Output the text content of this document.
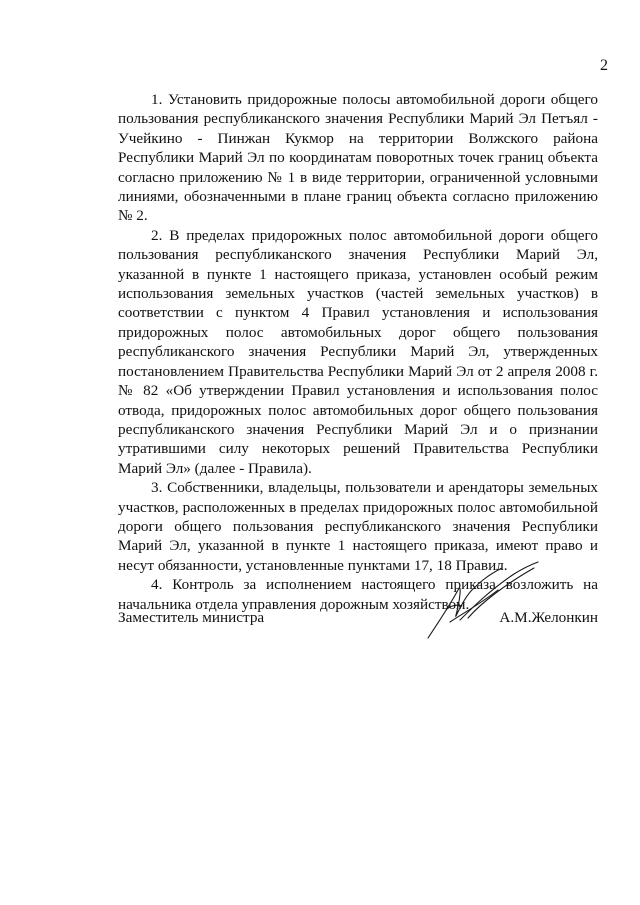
2

1. Установить придорожные полосы автомобильной дороги общего пользования республиканского значения Республики Марий Эл Петъял - Учейкино - Пинжан Кукмор на территории Волжского района Республики Марий Эл по координатам поворотных точек границ объекта согласно приложению № 1 в виде территории, ограниченной условными линиями, обозначенными в плане границ объекта согласно приложению № 2.

2. В пределах придорожных полос автомобильной дороги общего пользования республиканского значения Республики Марий Эл, указанной в пункте 1 настоящего приказа, установлен особый режим использования земельных участков (частей земельных участков) в соответствии с пунктом 4 Правил установления и использования придорожных полос автомобильных дорог общего пользования республиканского значения Республики Марий Эл, утвержденных постановлением Правительства Республики Марий Эл от 2 апреля 2008 г. № 82 «Об утверждении Правил установления и использования полос отвода, придорожных полос автомобильных дорог общего пользования республиканского значения Республики Марий Эл и о признании утратившими силу некоторых решений Правительства Республики Марий Эл» (далее - Правила).

3. Собственники, владельцы, пользователи и арендаторы земельных участков, расположенных в пределах придорожных полос автомобильной дороги общего пользования республиканского значения Республики Марий Эл, указанной в пункте 1 настоящего приказа, имеют право и несут обязанности, установленные пунктами 17, 18 Правил.

4. Контроль за исполнением настоящего приказа возложить на начальника отдела управления дорожным хозяйством.

Заместитель министра	А.М.Желонкин
